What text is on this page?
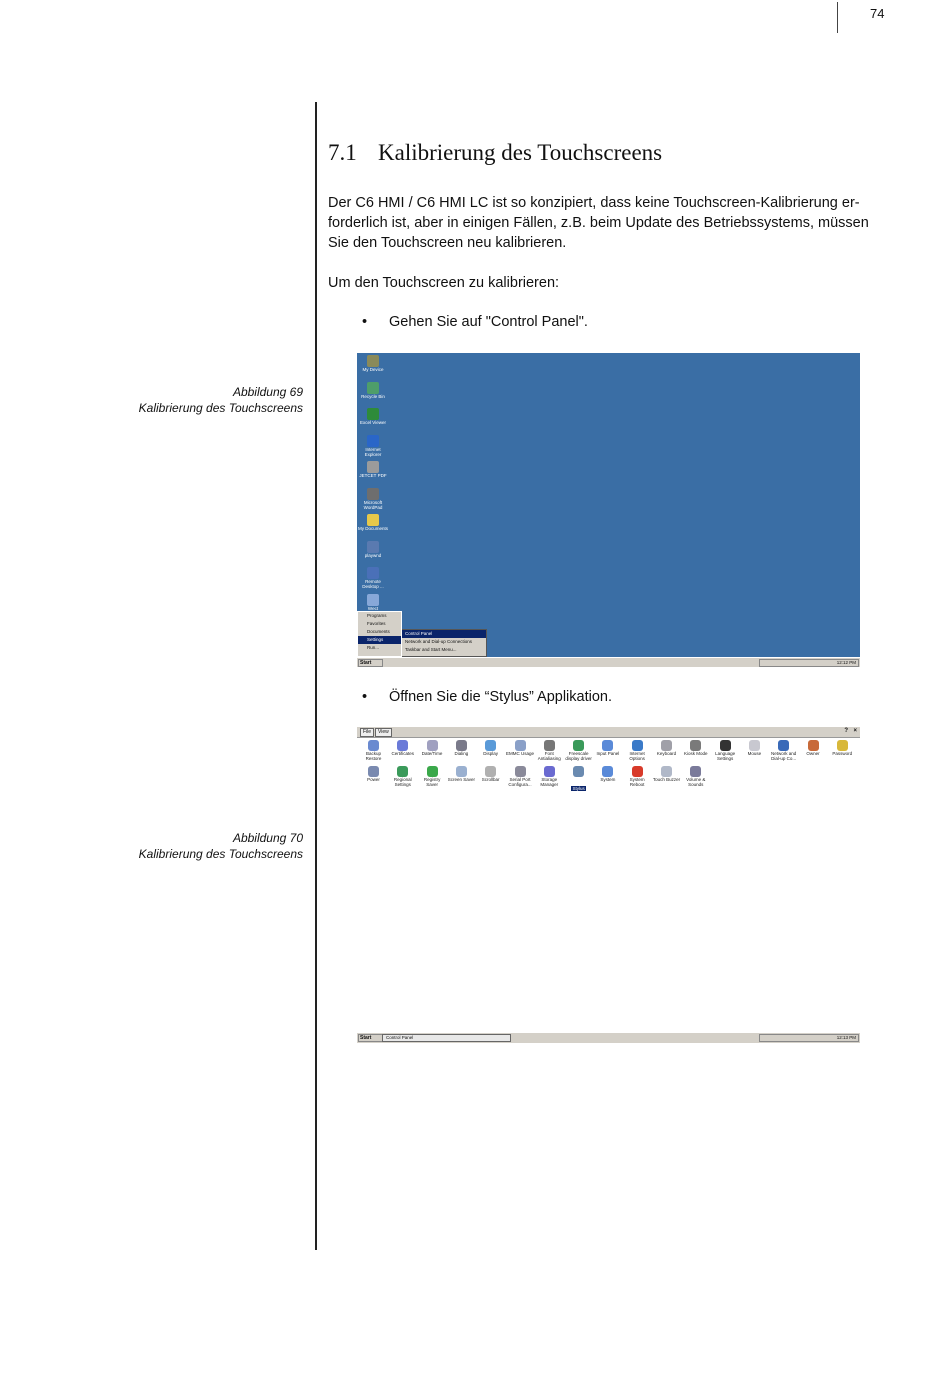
74
7.1 Kalibrierung des Touchscreens
Der C6 HMI / C6 HMI LC ist so konzipiert, dass keine Touchscreen-Kalibrierung er-forderlich ist, aber in einigen Fällen, z.B. beim Update des Betriebssystems, müssen Sie den Touchscreen neu kalibrieren.
Um den Touchscreen zu kalibrieren:
• Gehen Sie auf "Control Panel".
Abbildung 69
Kalibrierung des Touchscreens
My Device
Recycle Bin
Excel Viewer
Internet Explorer
JETCET PDF
Microsoft WordPad
My Documents
playwnd
Remote Desktop ...
Wect
Control Panel
Network and Dial-up Connections
Taskbar and Start Menu...
Programs
Favorites
Documents
Settings
Run...
Start	12:12 PM
• Öffnen Sie die “Stylus” Applikation.
File	View	? ×
Backup Restore
Certificates	Date/Time	Dialing	Display	EMMC Usage	Font Antialiasing
Freescale display driver
Input Panel	Internet Options
Keyboard	Kiosk Mode	Language Settings
Mouse	Network and Dial-up Co...
Owner	Password
Power	Regional Settings
Registry Saver
Screen Saver	Scrollbar	Serial Port Configura...
Storage Manager
Stylus
System	System Reboot
Touch Buzzer	Volume & Sounds
Abbildung 70
Kalibrierung des Touchscreens
Start	Control Panel	12:13 PM
